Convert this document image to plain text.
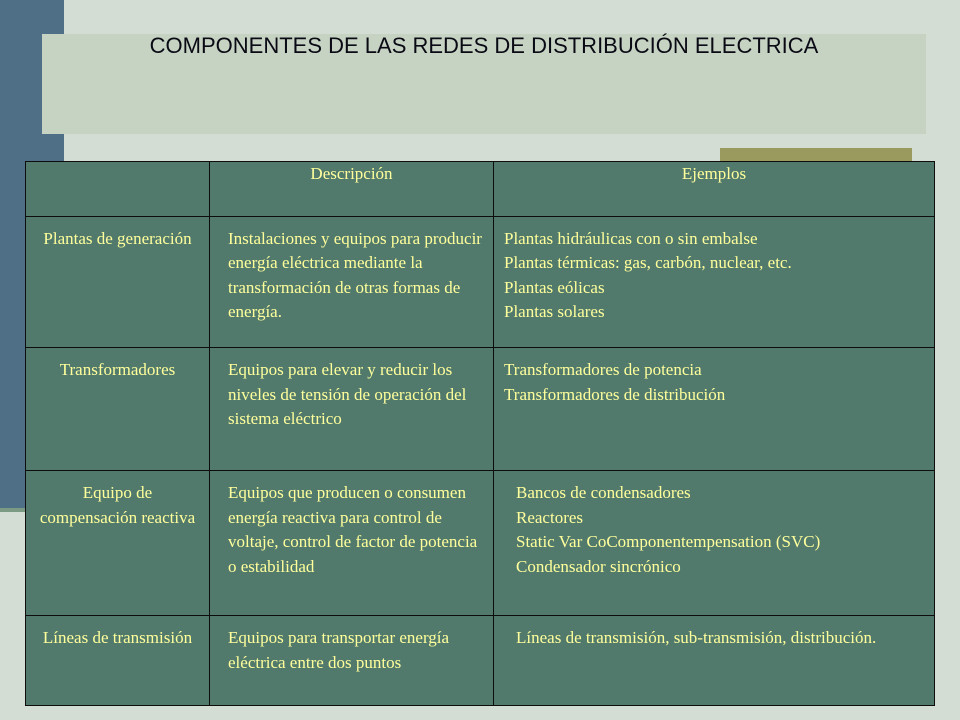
COMPONENTES DE LAS REDES DE DISTRIBUCIÓN ELECTRICA
	Descripción	Ejemplos

Plantas de generación	Instalaciones y equipos para producir energía eléctrica mediante la transformación de otras formas de energía.	Plantas hidráulicas con o sin embalse
Plantas térmicas: gas, carbón, nuclear, etc.
Plantas eólicas
Plantas solares

Transformadores	Equipos para elevar y reducir los niveles de tensión de operación del sistema eléctrico	Transformadores de potencia
Transformadores de distribución

Equipo de compensación reactiva	Equipos que producen o consumen energía reactiva para control de voltaje, control de factor de potencia o estabilidad	Bancos de condensadores
Reactores
Static Var CoComponentempensation (SVC)
Condensador sincrónico

Líneas de transmisión	Equipos para transportar energía eléctrica entre dos puntos	Líneas de transmisión, sub-transmisión, distribución.
